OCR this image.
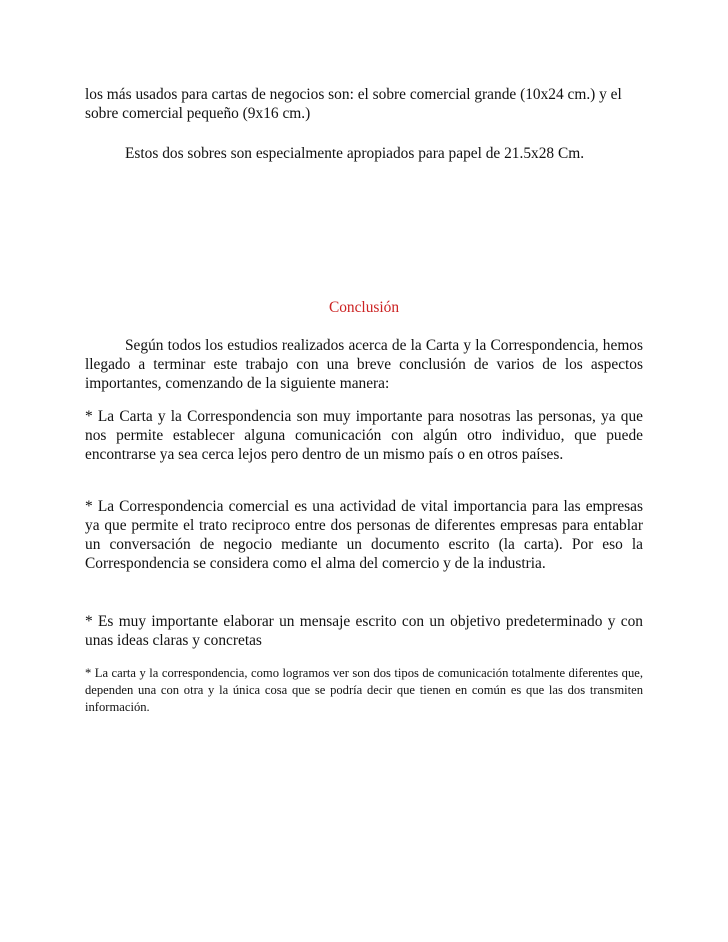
los más usados para cartas de negocios son: el sobre comercial grande (10x24 cm.) y el sobre comercial pequeño (9x16 cm.)

Estos dos sobres son especialmente apropiados para papel de 21.5x28 Cm.

Conclusión

Según todos los estudios realizados acerca de la Carta y la Correspondencia, hemos llegado a terminar este trabajo con una breve conclusión de varios de los aspectos importantes, comenzando de la siguiente manera:

* La Carta y la Correspondencia son muy importante para nosotras las personas, ya que nos permite establecer alguna comunicación con algún otro individuo, que puede encontrarse ya sea cerca lejos pero dentro de un mismo país o en otros países.

* La Correspondencia comercial es una actividad de vital importancia para las empresas ya que permite el trato reciproco entre dos personas de diferentes empresas para entablar un conversación de negocio mediante un documento escrito (la carta). Por eso la Correspondencia se considera como el alma del comercio y de la industria.

* Es muy importante elaborar un mensaje escrito con un objetivo predeterminado y con unas ideas claras y concretas

* La carta y la correspondencia, como logramos ver son dos tipos de comunicación totalmente diferentes que, dependen una con otra y la única cosa que se podría decir que tienen en común es que las dos transmiten información.
